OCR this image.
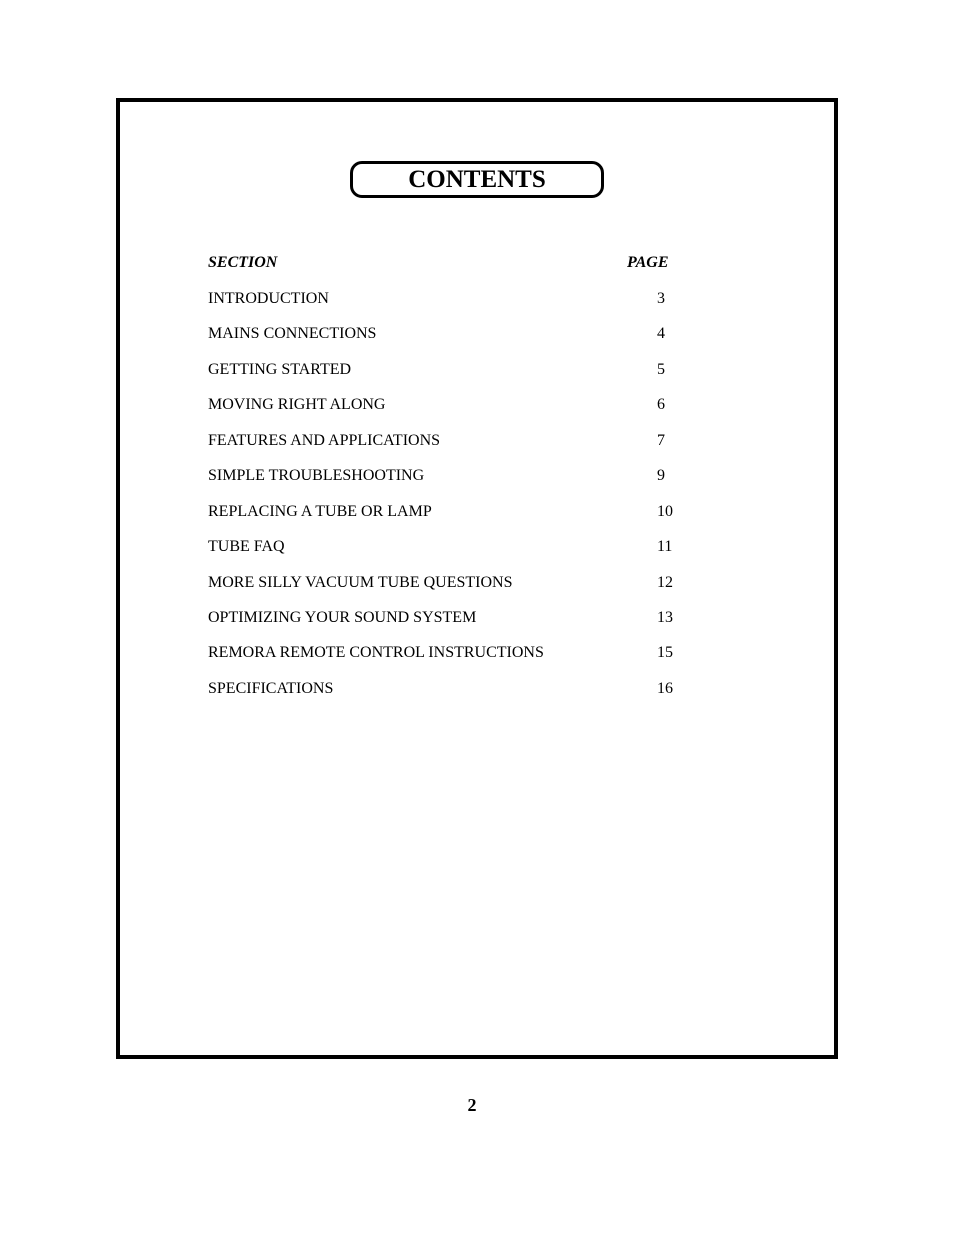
CONTENTS
SECTION	PAGE
INTRODUCTION	3
MAINS CONNECTIONS	4
GETTING STARTED	5
MOVING RIGHT ALONG	6
FEATURES AND APPLICATIONS	7
SIMPLE TROUBLESHOOTING	9
REPLACING A TUBE OR LAMP	10
TUBE FAQ	11
MORE SILLY VACUUM TUBE QUESTIONS	12
OPTIMIZING YOUR SOUND SYSTEM	13
REMORA REMOTE CONTROL INSTRUCTIONS	15
SPECIFICATIONS	16
2
